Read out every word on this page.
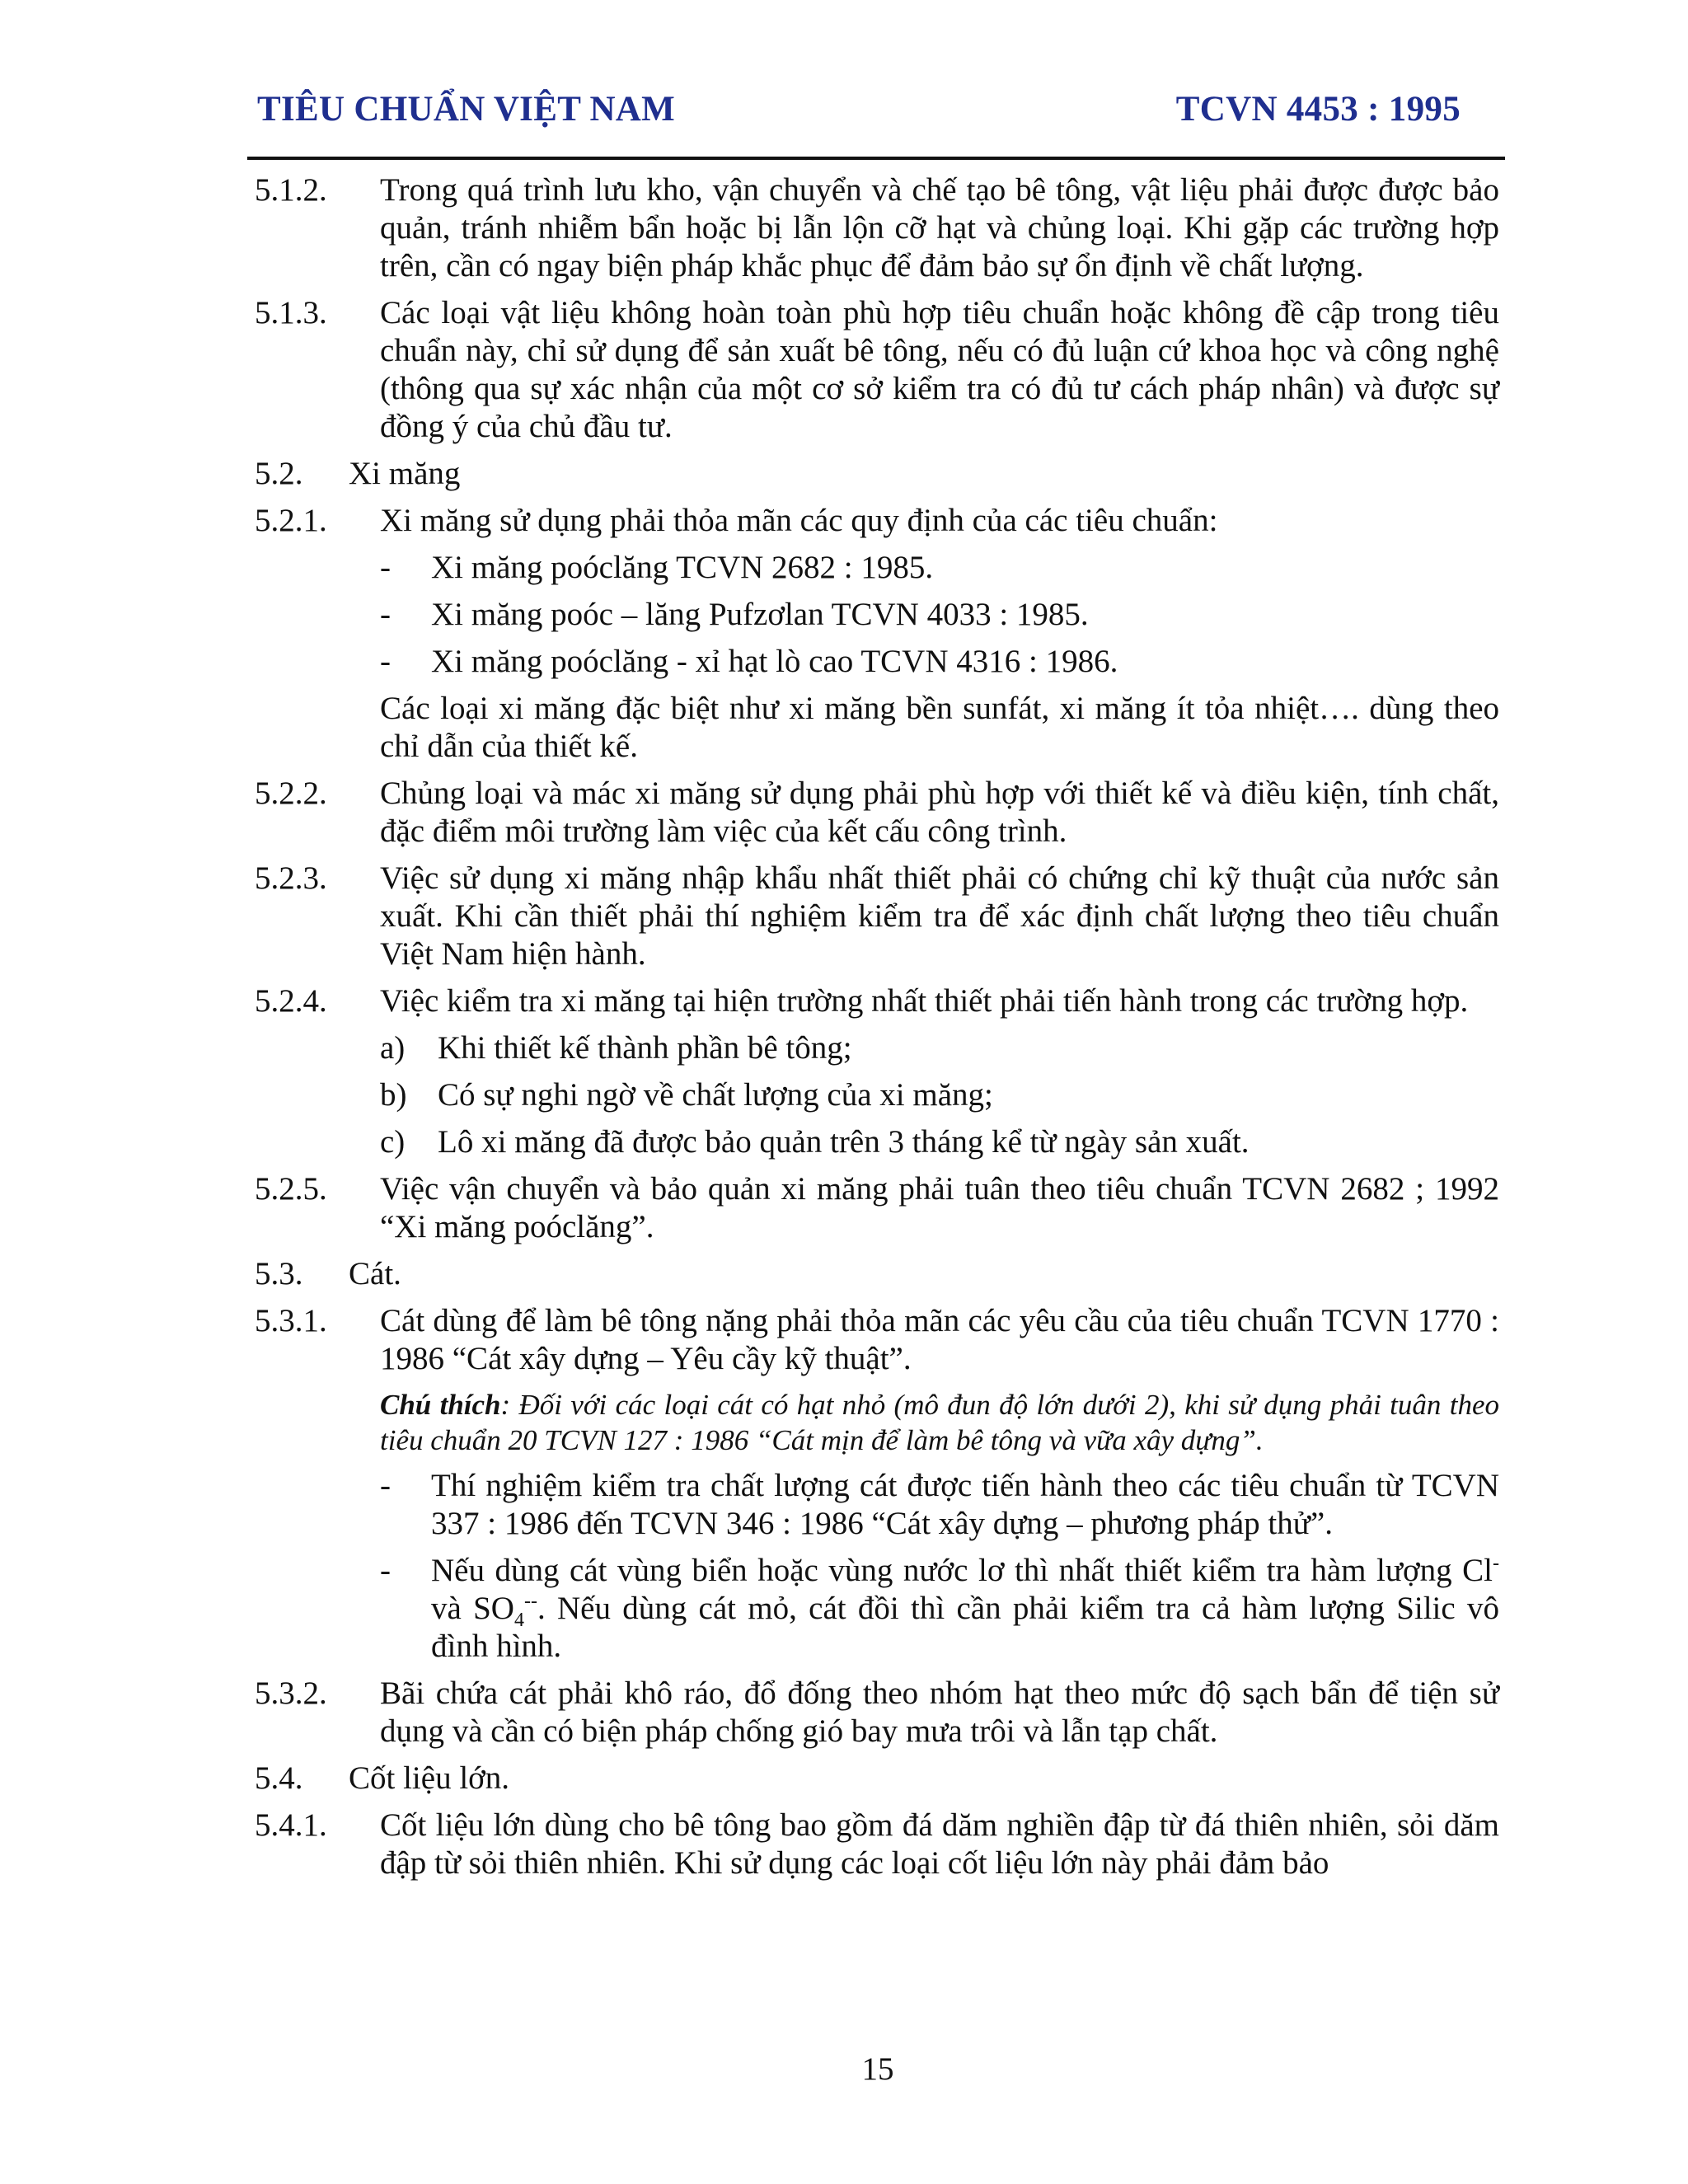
TIÊU CHUẨN VIỆT NAM	TCVN 4453 : 1995
5.1.2.	Trong quá trình lưu kho, vận chuyển và chế tạo bê tông, vật liệu phải được được bảo quản, tránh nhiễm bẩn hoặc bị lẫn lộn cỡ hạt và chủng loại. Khi gặp các trường hợp trên, cần có ngay biện pháp khắc phục để đảm bảo sự ổn định về chất lượng.
5.1.3.	Các loại vật liệu không hoàn toàn phù hợp tiêu chuẩn hoặc không đề cập trong tiêu chuẩn này, chỉ sử dụng để sản xuất bê tông, nếu có đủ luận cứ khoa học và công nghệ (thông qua sự xác nhận của một cơ sở kiểm tra có đủ tư cách pháp nhân) và được sự đồng ý của chủ đầu tư.
5.2.	Xi măng
5.2.1.	Xi măng sử dụng phải thỏa mãn các quy định của các tiêu chuẩn:
-	Xi măng poóclăng TCVN 2682 : 1985.
-	Xi măng poóc – lăng Pufzơlan TCVN 4033 : 1985.
-	Xi măng poóclăng - xỉ hạt lò cao TCVN 4316 : 1986.
Các loại xi măng đặc biệt như xi măng bền sunfát, xi măng ít tỏa nhiệt…. dùng theo chỉ dẫn của thiết kế.
5.2.2.	Chủng loại và mác xi măng sử dụng phải phù hợp với thiết kế và điều kiện, tính chất, đặc điểm môi trường làm việc của kết cấu công trình.
5.2.3.	Việc sử dụng xi măng nhập khẩu nhất thiết phải có chứng chỉ kỹ thuật của nước sản xuất. Khi cần thiết phải thí nghiệm kiểm tra để xác định chất lượng theo tiêu chuẩn Việt Nam hiện hành.
5.2.4.	Việc kiểm tra xi măng tại hiện trường nhất thiết phải tiến hành trong các trường hợp.
a)	Khi thiết kế thành phần bê tông;
b) Có sự nghi ngờ về chất lượng của xi măng;
c)	Lô xi măng đã được bảo quản trên 3 tháng kể từ ngày sản xuất.
5.2.5.	Việc vận chuyển và bảo quản xi măng phải tuân theo tiêu chuẩn TCVN 2682 ; 1992 “Xi măng poóclăng”.
5.3.	Cát.
5.3.1.	Cát dùng để làm bê tông nặng phải thỏa mãn các yêu cầu của tiêu chuẩn TCVN 1770 : 1986 “Cát xây dựng – Yêu cầy kỹ thuật”.
Chú thích: Đối với các loại cát có hạt nhỏ (mô đun độ lớn dưới 2), khi sử dụng phải tuân theo tiêu chuẩn 20 TCVN 127 : 1986 “Cát mịn để làm bê tông và vữa xây dựng”.
-	Thí nghiệm kiểm tra chất lượng cát được tiến hành theo các tiêu chuẩn từ TCVN 337 : 1986 đến TCVN 346 : 1986 “Cát xây dựng – phương pháp thử”.
-	Nếu dùng cát vùng biển hoặc vùng nước lơ thì nhất thiết kiểm tra hàm lượng Cl- và $SO_4^{--}$. Nếu dùng cát mỏ, cát đồi thì cần phải kiểm tra cả hàm lượng Silic vô đình hình.
5.3.2.	Bãi chứa cát phải khô ráo, đổ đống theo nhóm hạt theo mức độ sạch bẩn để tiện sử dụng và cần có biện pháp chống gió bay mưa trôi và lẫn tạp chất.
5.4.	Cốt liệu lớn.
5.4.1.	Cốt liệu lớn dùng cho bê tông bao gồm đá dăm nghiền đập từ đá thiên nhiên, sỏi dăm đập từ sỏi thiên nhiên. Khi sử dụng các loại cốt liệu lớn này phải đảm bảo
15
